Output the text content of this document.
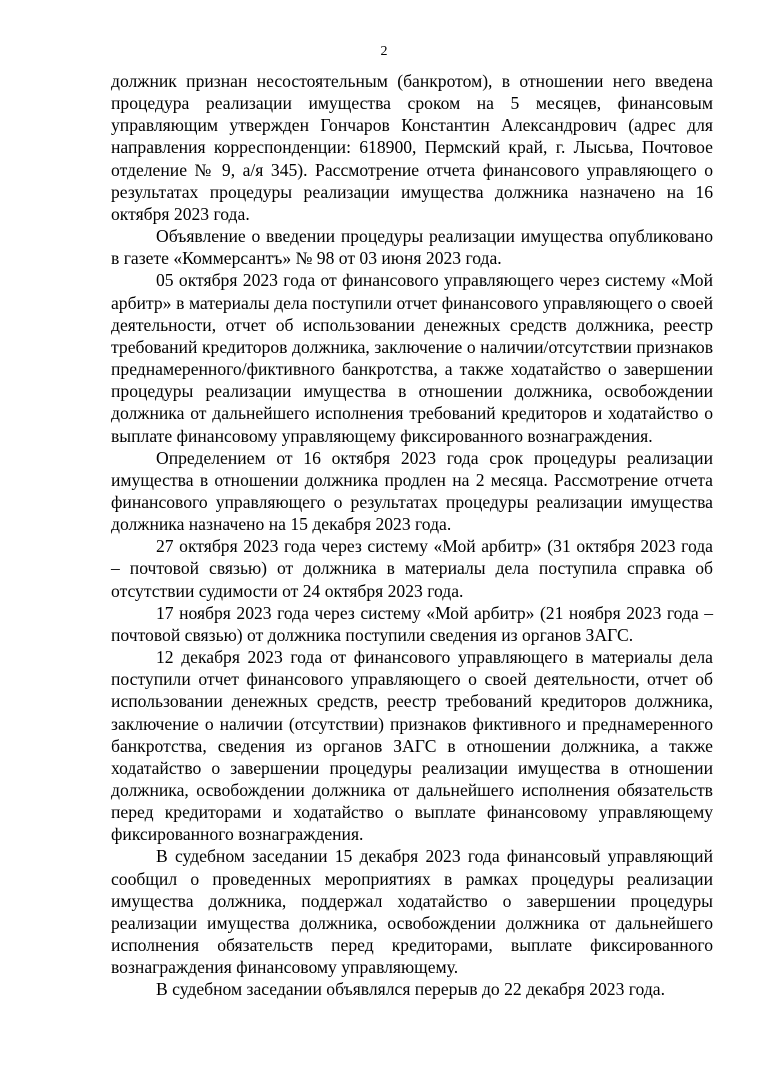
2

должник признан несостоятельным (банкротом), в отношении него введена процедура реализации имущества сроком на 5 месяцев, финансовым управляющим утвержден Гончаров Константин Александрович (адрес для направления корреспонденции: 618900, Пермский край, г. Лысьва, Почтовое отделение № 9, а/я 345). Рассмотрение отчета финансового управляющего о результатах процедуры реализации имущества должника назначено на 16 октября 2023 года.

Объявление о введении процедуры реализации имущества опубликовано в газете «Коммерсантъ» № 98 от 03 июня 2023 года.

05 октября 2023 года от финансового управляющего через систему «Мой арбитр» в материалы дела поступили отчет финансового управляющего о своей деятельности, отчет об использовании денежных средств должника, реестр требований кредиторов должника, заключение о наличии/отсутствии признаков преднамеренного/фиктивного банкротства, а также ходатайство о завершении процедуры реализации имущества в отношении должника, освобождении должника от дальнейшего исполнения требований кредиторов и ходатайство о выплате финансовому управляющему фиксированного вознаграждения.

Определением от 16 октября 2023 года срок процедуры реализации имущества в отношении должника продлен на 2 месяца. Рассмотрение отчета финансового управляющего о результатах процедуры реализации имущества должника назначено на 15 декабря 2023 года.

27 октября 2023 года через систему «Мой арбитр» (31 октября 2023 года – почтовой связью) от должника в материалы дела поступила справка об отсутствии судимости от 24 октября 2023 года.

17 ноября 2023 года через систему «Мой арбитр» (21 ноября 2023 года – почтовой связью) от должника поступили сведения из органов ЗАГС.

12 декабря 2023 года от финансового управляющего в материалы дела поступили отчет финансового управляющего о своей деятельности, отчет об использовании денежных средств, реестр требований кредиторов должника, заключение о наличии (отсутствии) признаков фиктивного и преднамеренного банкротства, сведения из органов ЗАГС в отношении должника, а также ходатайство о завершении процедуры реализации имущества в отношении должника, освобождении должника от дальнейшего исполнения обязательств перед кредиторами и ходатайство о выплате финансовому управляющему фиксированного вознаграждения.

В судебном заседании 15 декабря 2023 года финансовый управляющий сообщил о проведенных мероприятиях в рамках процедуры реализации имущества должника, поддержал ходатайство о завершении процедуры реализации имущества должника, освобождении должника от дальнейшего исполнения обязательств перед кредиторами, выплате фиксированного вознаграждения финансовому управляющему.

В судебном заседании объявлялся перерыв до 22 декабря 2023 года.
